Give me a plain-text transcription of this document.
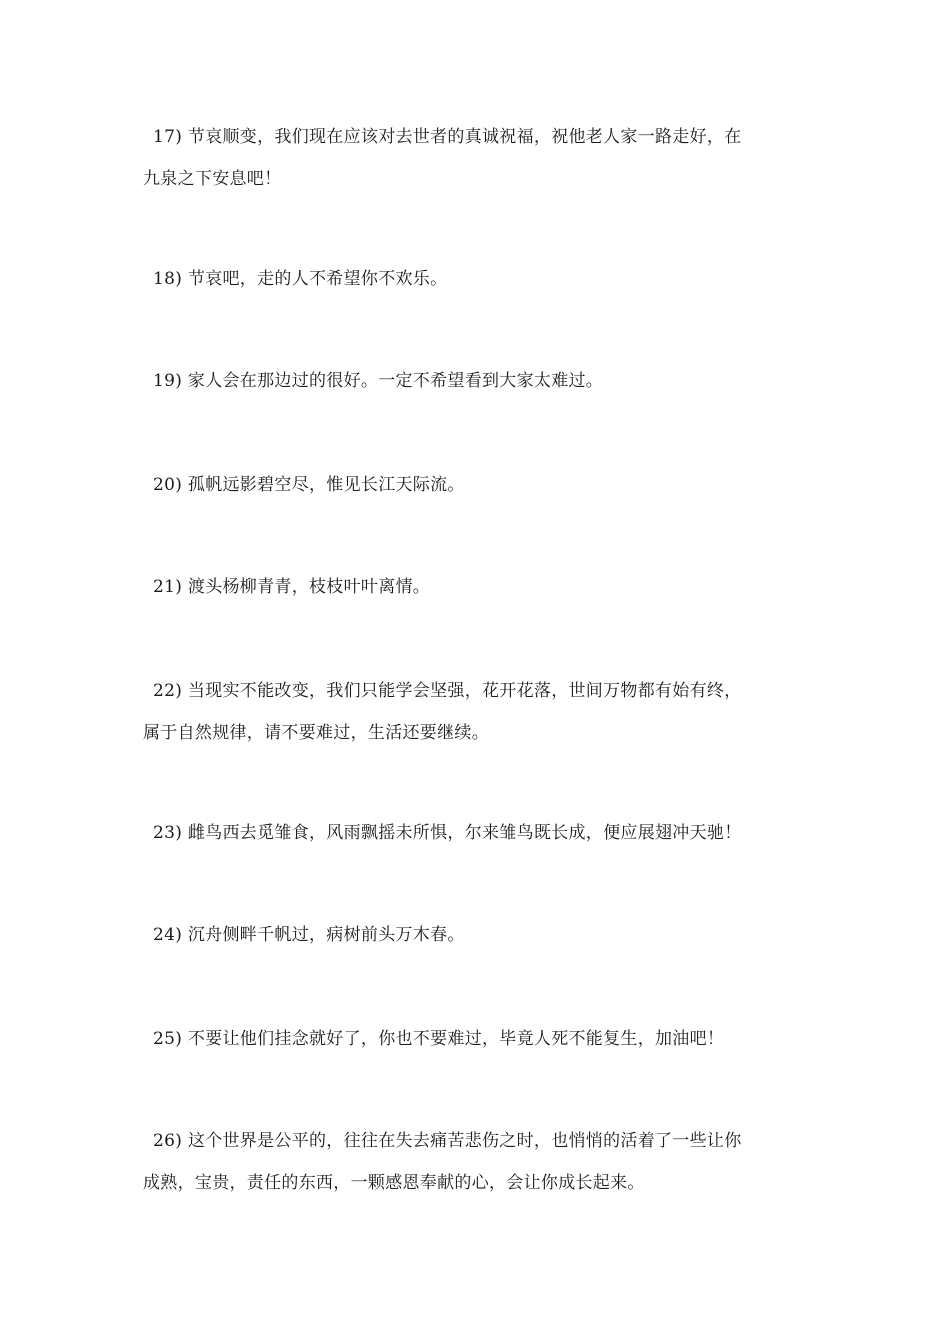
17) 节哀顺变，我们现在应该对去世者的真诚祝福，祝他老人家一路走好，在
九泉之下安息吧！

18) 节哀吧，走的人不希望你不欢乐。

19) 家人会在那边过的很好。一定不希望看到大家太难过。

20) 孤帆远影碧空尽，惟见长江天际流。

21) 渡头杨柳青青，枝枝叶叶离情。

22) 当现实不能改变，我们只能学会坚强，花开花落，世间万物都有始有终，
属于自然规律，请不要难过，生活还要继续。

23) 雌鸟西去觅雏食，风雨飘摇未所惧，尔来雏鸟既长成，便应展翅冲天驰！

24) 沉舟侧畔千帆过，病树前头万木春。

25) 不要让他们挂念就好了，你也不要难过，毕竟人死不能复生，加油吧！

26) 这个世界是公平的，往往在失去痛苦悲伤之时，也悄悄的活着了一些让你
成熟，宝贵，责任的东西，一颗感恩奉献的心，会让你成长起来。
